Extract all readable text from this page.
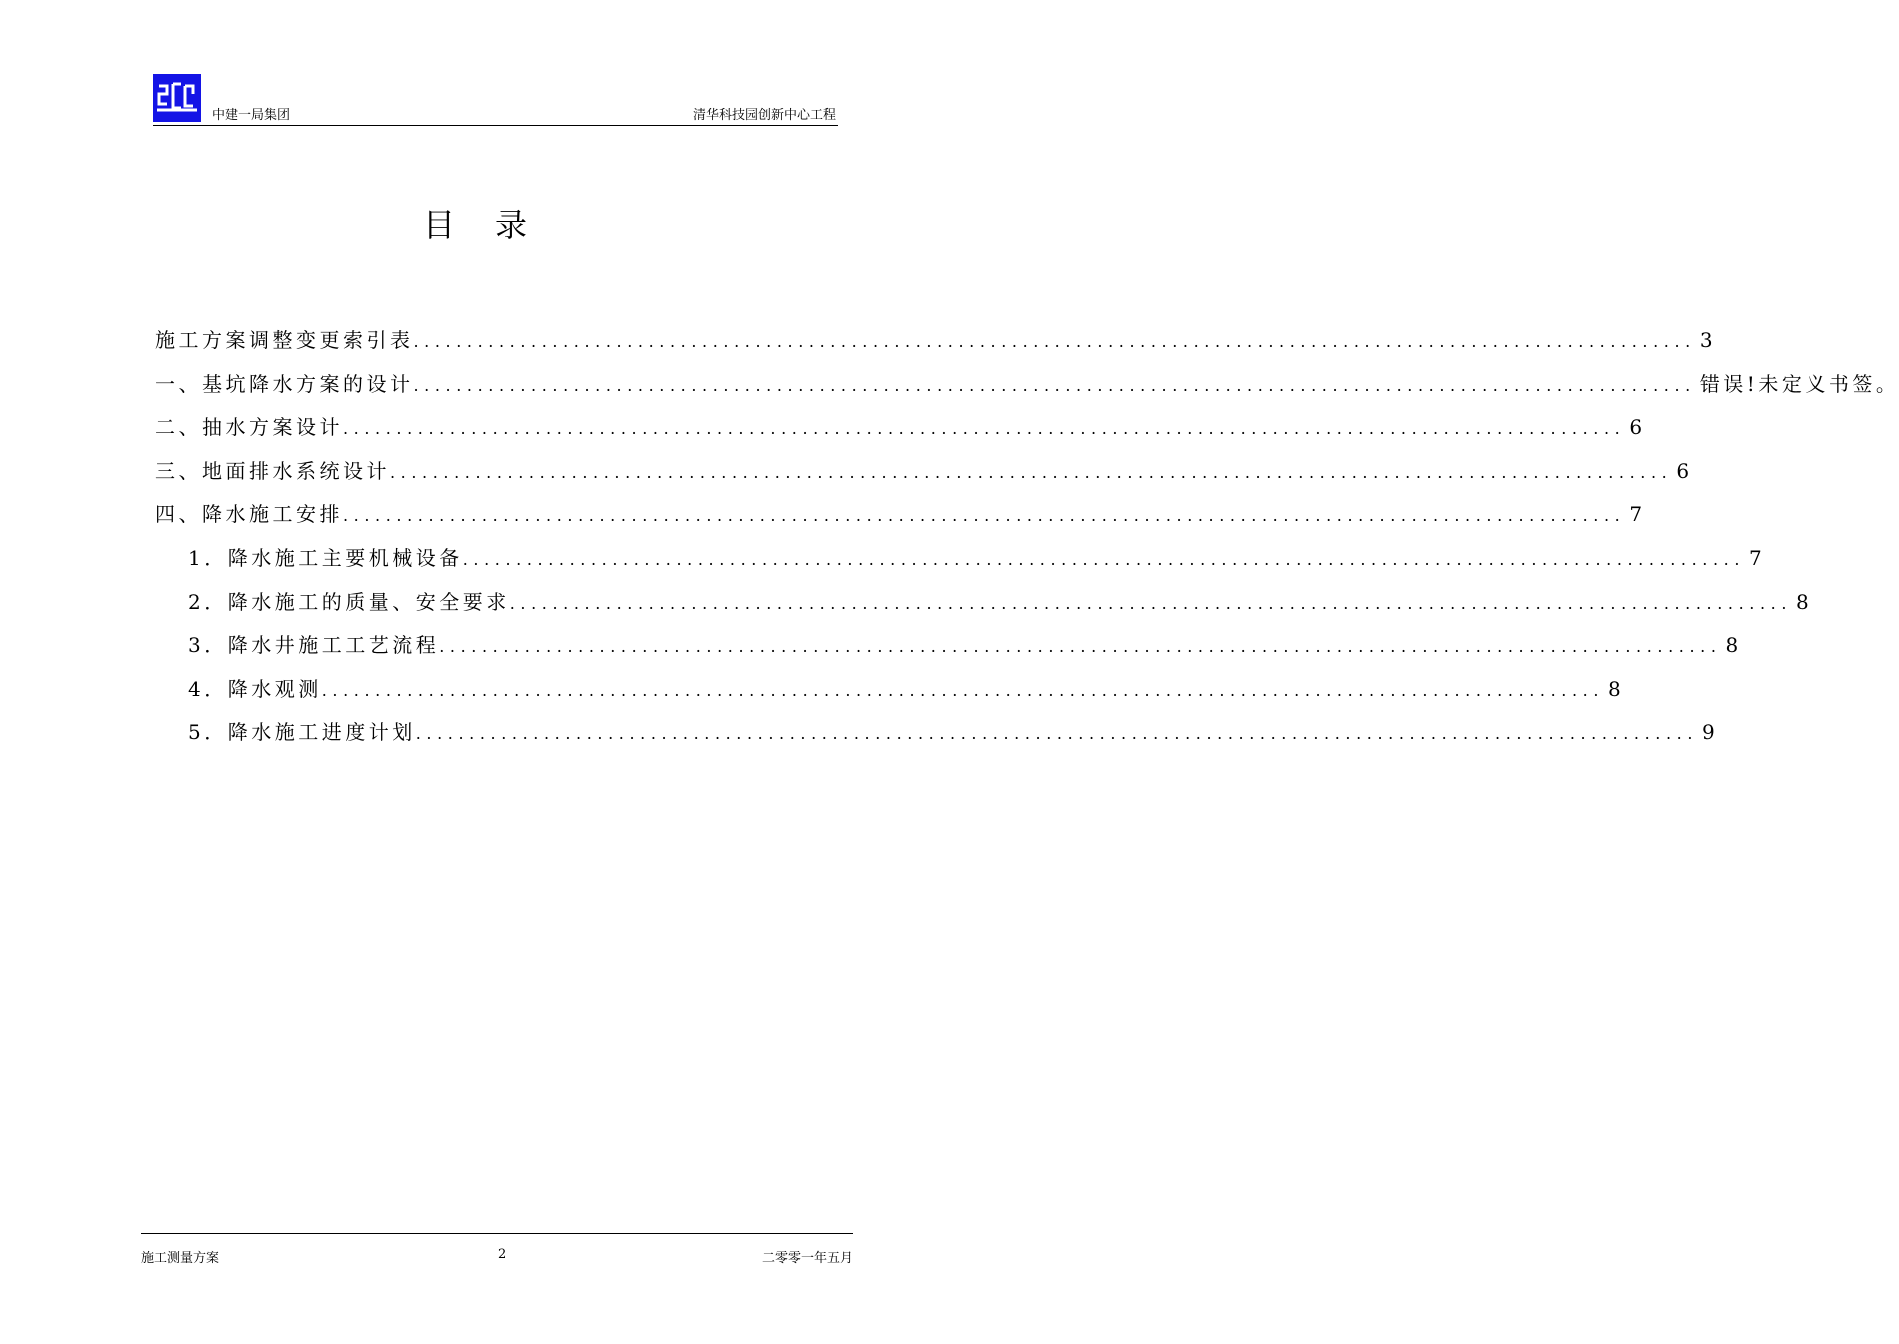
中建一局集团	清华科技园创新中心工程
目录
施工方案调整变更索引表 ........................................................................................................................ 3
一、基坑降水方案的设计 ........................................................................................................................ 错误!未定义书签。
二、抽水方案设计 ........................................................................................................................ 6
三、地面排水系统设计 ........................................................................................................................ 6
四、降水施工安排 ........................................................................................................................ 7
1．降水施工主要机械设备 ........................................................................................................................ 7
2．降水施工的质量、安全要求 ........................................................................................................................ 8
3．降水井施工工艺流程 ........................................................................................................................ 8
4．降水观测 ........................................................................................................................ 8
5．降水施工进度计划 ........................................................................................................................ 9
施工测量方案	2	二零零一年五月
